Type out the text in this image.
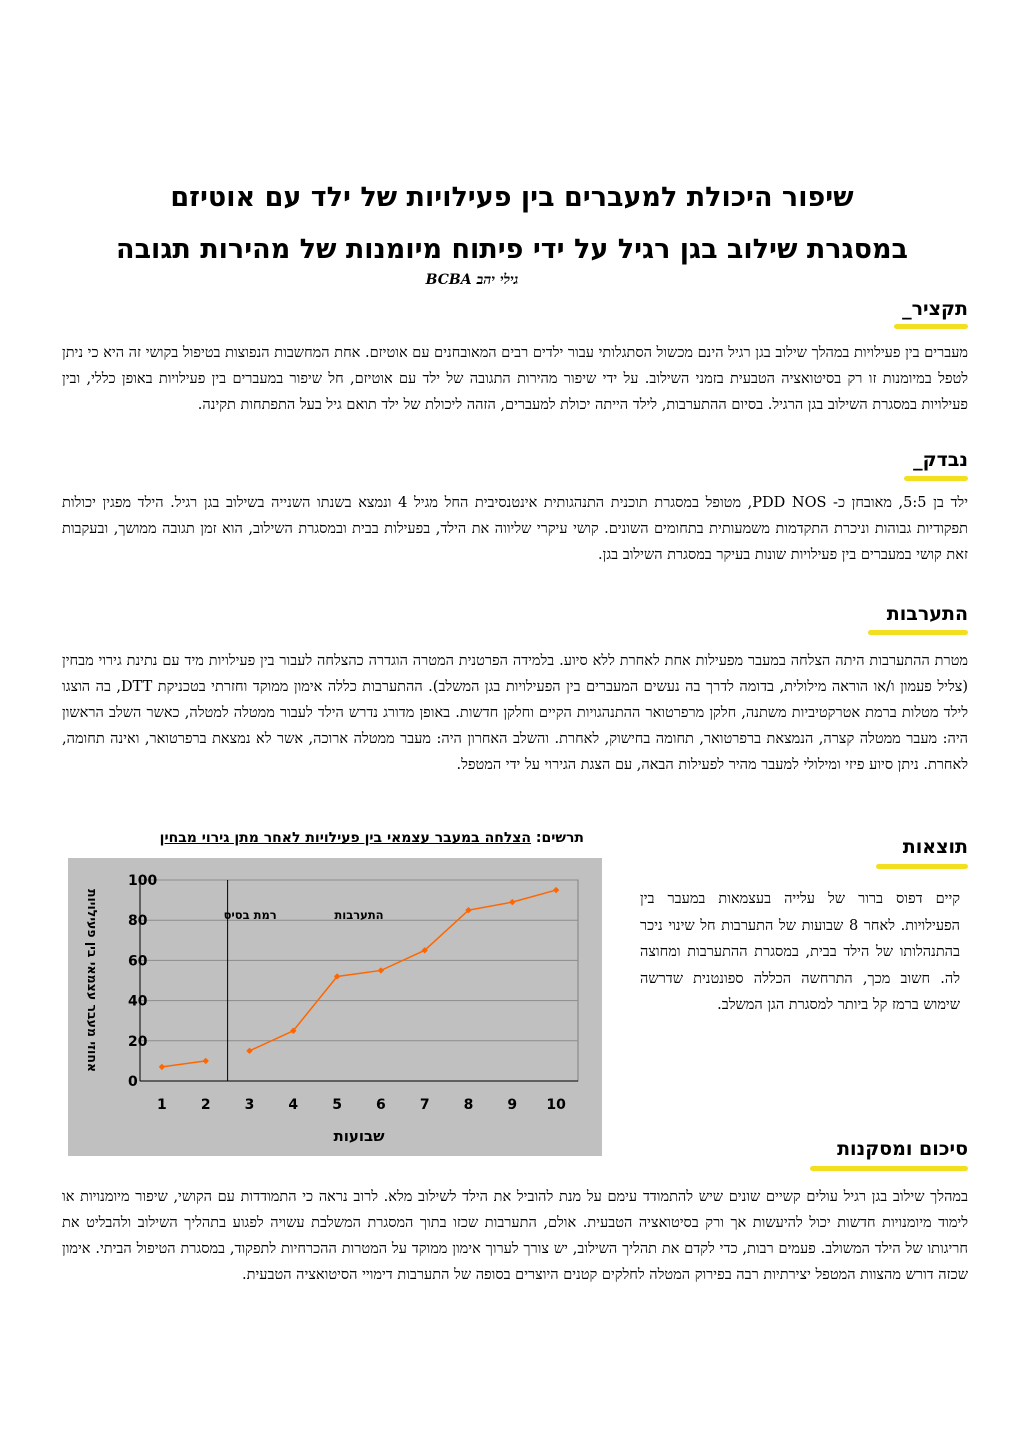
שיפור היכולת למעברים בין פעילויות של ילד עם אוטיזם
במסגרת שילוב בגן רגיל על ידי פיתוח מיומנות של מהירות תגובה
גילי יהב BCBA
תקציר_

מעברים בין פעילויות במהלך שילוב בגן רגיל הינם מכשול הסתגלותי עבור ילדים רבים המאובחנים עם אוטיזם. אחת המחשבות הנפוצות בטיפול בקושי זה היא כי ניתן לטפל במיומנות זו רק בסיטואציה הטבעית בזמני השילוב. על ידי שיפור מהירות התגובה של ילד עם אוטיזם, חל שיפור במעברים בין פעילויות באופן כללי, ובין פעילויות במסגרת השילוב בגן הרגיל. בסיום ההתערבות, לילד הייתה יכולת למעברים, הזהה ליכולת של ילד תואם גיל בעל התפתחות תקינה.

נבדק_

ילד בן 5:5, מאובחן כ- PDD NOS, מטופל במסגרת תוכנית התנהגותית אינטנסיבית החל מגיל 4 ונמצא בשנתו השנייה בשילוב בגן רגיל. הילד מפגין יכולות תפקודיות גבוהות וניכרת התקדמות משמעותית בתחומים השונים. קושי עיקרי שליווה את הילד, בפעילות בבית ובמסגרת השילוב, הוא זמן תגובה ממושך, ובעקבות זאת קושי במעברים בין פעילויות שונות בעיקר במסגרת השילוב בגן.

התערבות

מטרת ההתערבות היתה הצלחה במעבר מפעילות אחת לאחרת ללא סיוע. בלמידה הפרטנית המטרה הוגדרה כהצלחה לעבור בין פעילויות מיד עם נתינת גירוי מבחין (צליל פעמון ו/או הוראה מילולית, בדומה לדרך בה נעשים המעברים בין הפעילויות בגן המשלב). ההתערבות כללה אימון ממוקד וחזרתי בטכניקת DTT, בה הוצגו לילד מטלות ברמת אטרקטיביות משתנה, חלקן מרפרטואר ההתנהגויות הקיים וחלקן חדשות. באופן מדורג נדרש הילד לעבור ממטלה למטלה, כאשר השלב הראשון היה: מעבר ממטלה קצרה, הנמצאת ברפרטואר, תחומה בחישוק, לאחרת. והשלב האחרון היה: מעבר ממטלה ארוכה, אשר לא נמצאת ברפרטואר, ואינה תחומה, לאחרת. ניתן סיוע פיזי ומילולי למעבר מהיר לפעילות הבאה, עם הצגת הגירוי על ידי המטפל.

תוצאות

קיים דפוס ברור של עלייה בעצמאות במעבר בין הפעילויות. לאחר 8 שבועות של התערבות חל שינוי ניכר בהתנהלותו של הילד בבית, במסגרת ההתערבות ומחוצה לה. חשוב מכך, התרחשה הכללה ספונטנית שדרשה שימוש ברמז קל ביותר למסגרת הגן המשלב.

תרשים: הצלחה במעבר עצמאי בין פעילויות לאחר מתן גירוי מבחין

0
20
40
60
80
100
1 2 3 4 5 6 7 8 9 10
רמת בסיס	התערבות
שבועות
אחוזי מעבר עצמאי בין פעילויות
סיכום ומסקנות

במהלך שילוב בגן רגיל עולים קשיים שונים שיש להתמודד עימם על מנת להוביל את הילד לשילוב מלא. לרוב נראה כי התמודדות עם הקושי, שיפור מיומנויות או לימוד מיומנויות חדשות יכול להיעשות אך ורק בסיטואציה הטבעית. אולם, התערבות שכזו בתוך המסגרת המשלבת עשויה לפגוע בתהליך השילוב ולהבליט את חריגותו של הילד המשולב. פעמים רבות, כדי לקדם את תהליך השילוב, יש צורך לערוך אימון ממוקד על המטרות ההכרחיות לתפקוד, במסגרת הטיפול הביתי. אימון שכזה דורש מהצוות המטפל יצירתיות רבה בפירוק המטלה לחלקים קטנים היוצרים בסופה של התערבות דימויי הסיטואציה הטבעית.
